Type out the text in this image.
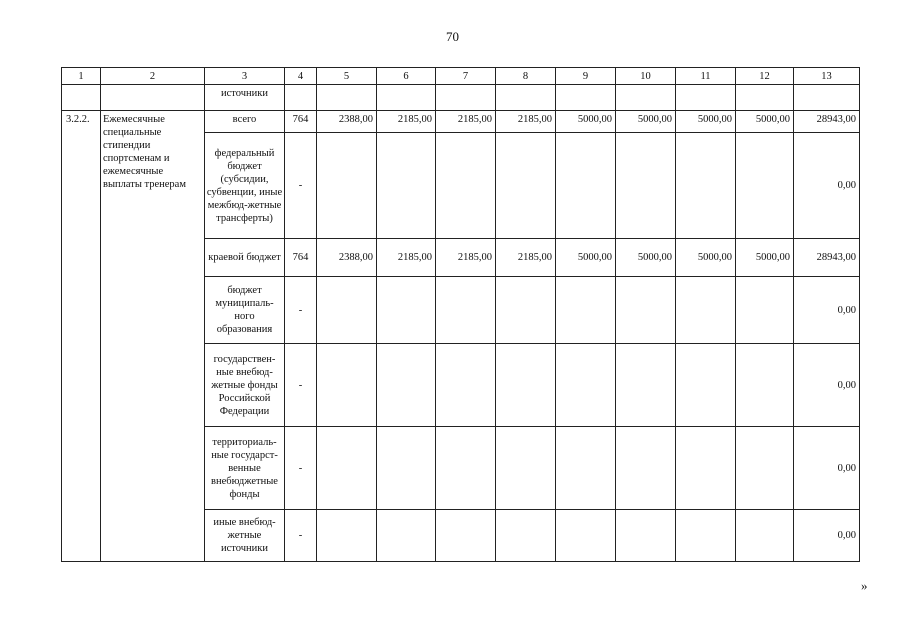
70
1	2	3	4	5	6	7	8	9	10	11	12	13
		источники										
3.2.2.	Ежемесячные специальные стипендии спортсменам и ежемесячные выплаты тренерам	всего	764	2388,00	2185,00	2185,00	2185,00	5000,00	5000,00	5000,00	5000,00	28943,00
		федеральный бюджет (субсидии, субвенции, иные межбюд-жетные трансферты)	-									0,00
		краевой бюджет	764	2388,00	2185,00	2185,00	2185,00	5000,00	5000,00	5000,00	5000,00	28943,00
		бюджет муниципаль-ного образования	-									0,00
		государствен-ные внебюд-жетные фонды Российской Федерации	-									0,00
		территориаль-ные государст-венные внебюджетные фонды	-									0,00
		иные внебюд-жетные источники	-									0,00
»
